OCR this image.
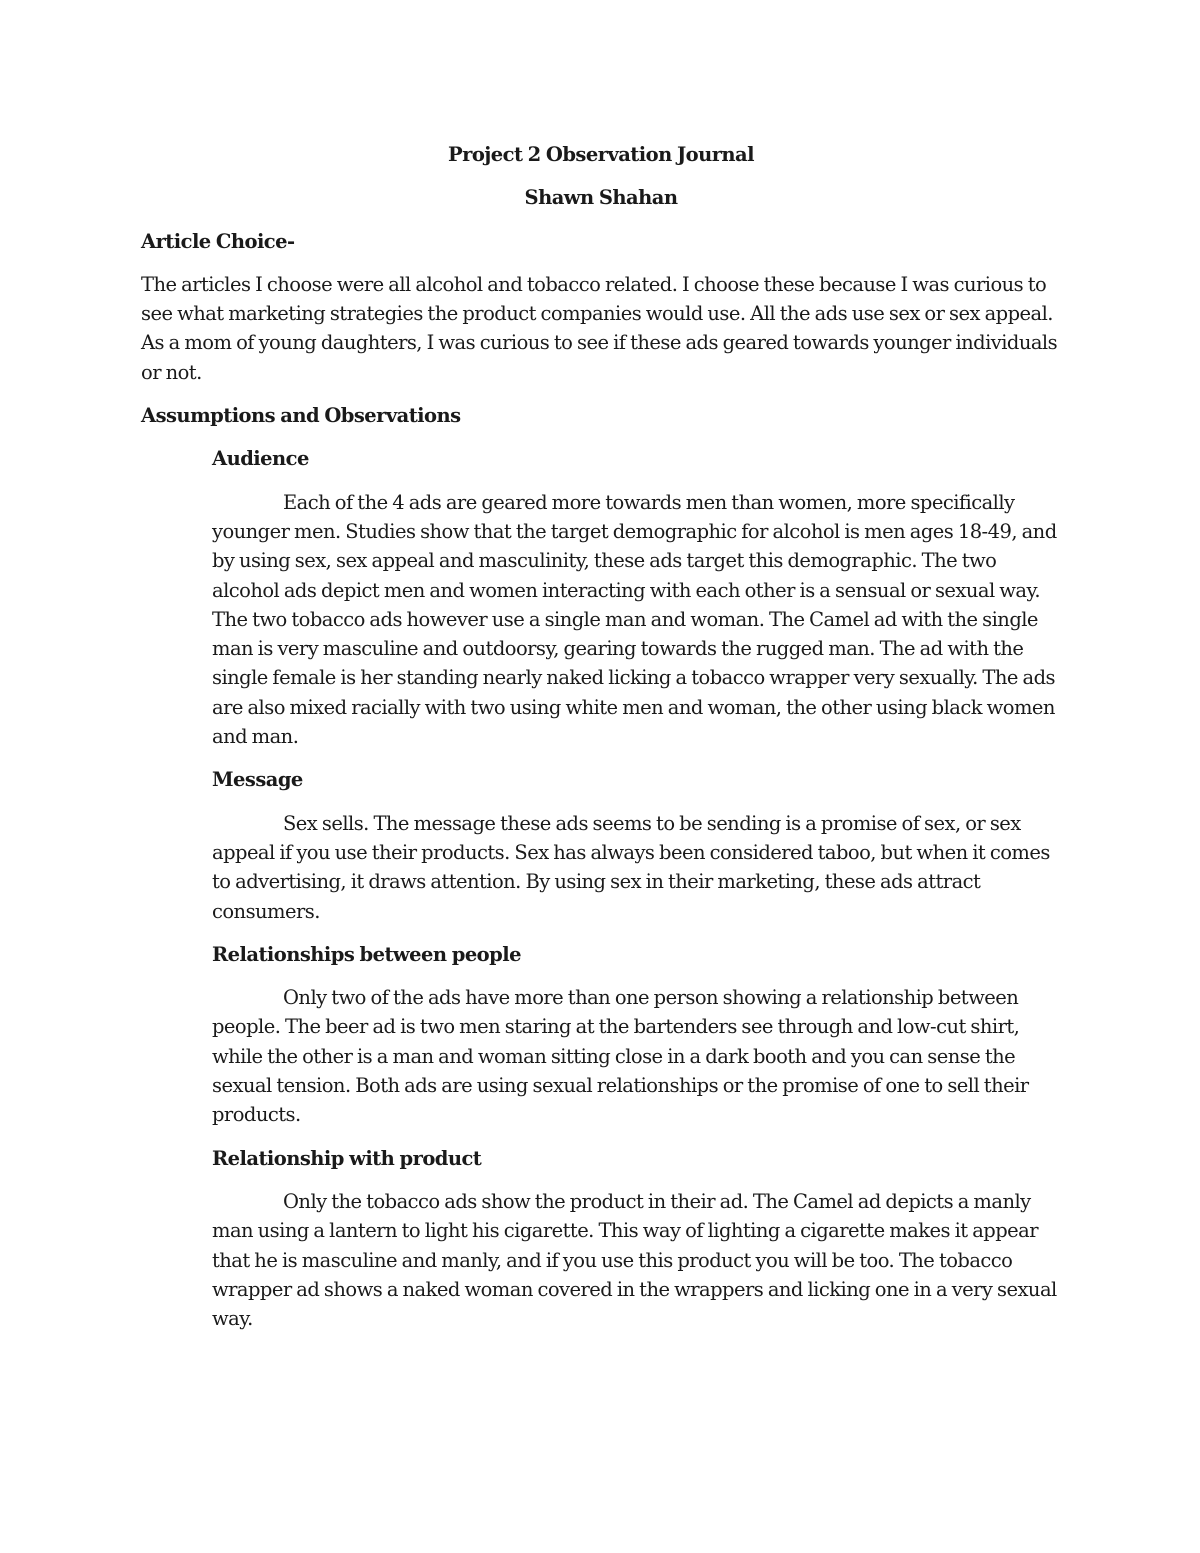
Project 2 Observation Journal

Shawn Shahan

Article Choice-

The articles I choose were all alcohol and tobacco related. I choose these because I was curious to see what marketing strategies the product companies would use. All the ads use sex or sex appeal. As a mom of young daughters, I was curious to see if these ads geared towards younger individuals or not.

Assumptions and Observations

Audience

Each of the 4 ads are geared more towards men than women, more specifically younger men. Studies show that the target demographic for alcohol is men ages 18-49, and by using sex, sex appeal and masculinity, these ads target this demographic. The two alcohol ads depict men and women interacting with each other is a sensual or sexual way. The two tobacco ads however use a single man and woman. The Camel ad with the single man is very masculine and outdoorsy, gearing towards the rugged man. The ad with the single female is her standing nearly naked licking a tobacco wrapper very sexually. The ads are also mixed racially with two using white men and woman, the other using black women and man.

Message

Sex sells. The message these ads seems to be sending is a promise of sex, or sex appeal if you use their products. Sex has always been considered taboo, but when it comes to advertising, it draws attention. By using sex in their marketing, these ads attract consumers.

Relationships between people

Only two of the ads have more than one person showing a relationship between people. The beer ad is two men staring at the bartenders see through and low-cut shirt, while the other is a man and woman sitting close in a dark booth and you can sense the sexual tension. Both ads are using sexual relationships or the promise of one to sell their products.

Relationship with product

Only the tobacco ads show the product in their ad. The Camel ad depicts a manly man using a lantern to light his cigarette. This way of lighting a cigarette makes it appear that he is masculine and manly, and if you use this product you will be too. The tobacco wrapper ad shows a naked woman covered in the wrappers and licking one in a very sexual way.
